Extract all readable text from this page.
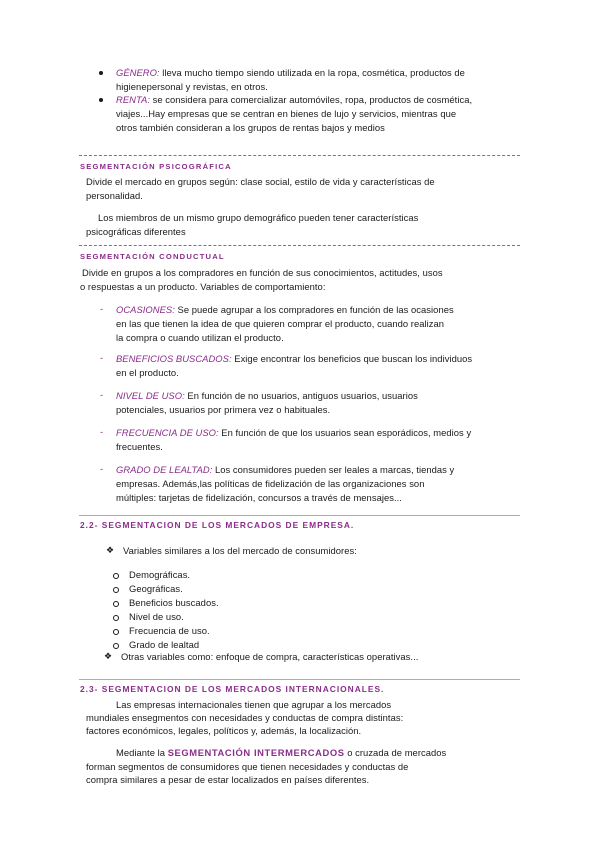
GÉNERO: lleva mucho tiempo siendo utilizada en la ropa, cosmética, productos de
higienepersonal y revistas, en otros.
RENTA: se considera para comercializar automóviles, ropa, productos de cosmética,
viajes...Hay empresas que se centran en bienes de lujo y servicios, mientras que
otros también consideran a los grupos de rentas bajos y medios
SEGMENTACIÓN PSICOGRÁFICA
Divide el mercado en grupos según: clase social, estilo de vida y características de
personalidad.
Los miembros de un mismo grupo demográfico pueden tener características
psicográficas diferentes
SEGMENTACIÓN CONDUCTUAL
Divide en grupos a los compradores en función de sus conocimientos, actitudes, usos
o respuestas a un producto. Variables de comportamiento:
- OCASIONES: Se puede agrupar a los compradores en función de las ocasiones
en las que tienen la idea de que quieren comprar el producto, cuando realizan
la compra o cuando utilizan el producto.
- BENEFICIOS BUSCADOS: Exige encontrar los beneficios que buscan los individuos
en el producto.
- NIVEL DE USO: En función de no usuarios, antiguos usuarios, usuarios
potenciales, usuarios por primera vez o habituales.
- FRECUENCIA DE USO: En función de que los usuarios sean esporádicos, medios y
frecuentes.
- GRADO DE LEALTAD: Los consumidores pueden ser leales a marcas, tiendas y
empresas. Además,las políticas de fidelización de las organizaciones son
múltiples: tarjetas de fidelización, concursos a través de mensajes...
2.2- SEGMENTACION DE LOS MERCADOS DE EMPRESA.
❖ Variables similares a los del mercado de consumidores:
Demográficas.
Geográficas.
Beneficios buscados.
Nivel de uso.
Frecuencia de uso.
Grado de lealtad
❖ Otras variables como: enfoque de compra, características operativas...
2.3- SEGMENTACION DE LOS MERCADOS INTERNACIONALES.
Las empresas internacionales tienen que agrupar a los mercados
mundiales ensegmentos con necesidades y conductas de compra distintas:
factores económicos, legales, políticos y, además, la localización.
Mediante la SEGMENTACIÓN INTERMERCADOS o cruzada de mercados
forman segmentos de consumidores que tienen necesidades y conductas de
compra similares a pesar de estar localizados en países diferentes.
